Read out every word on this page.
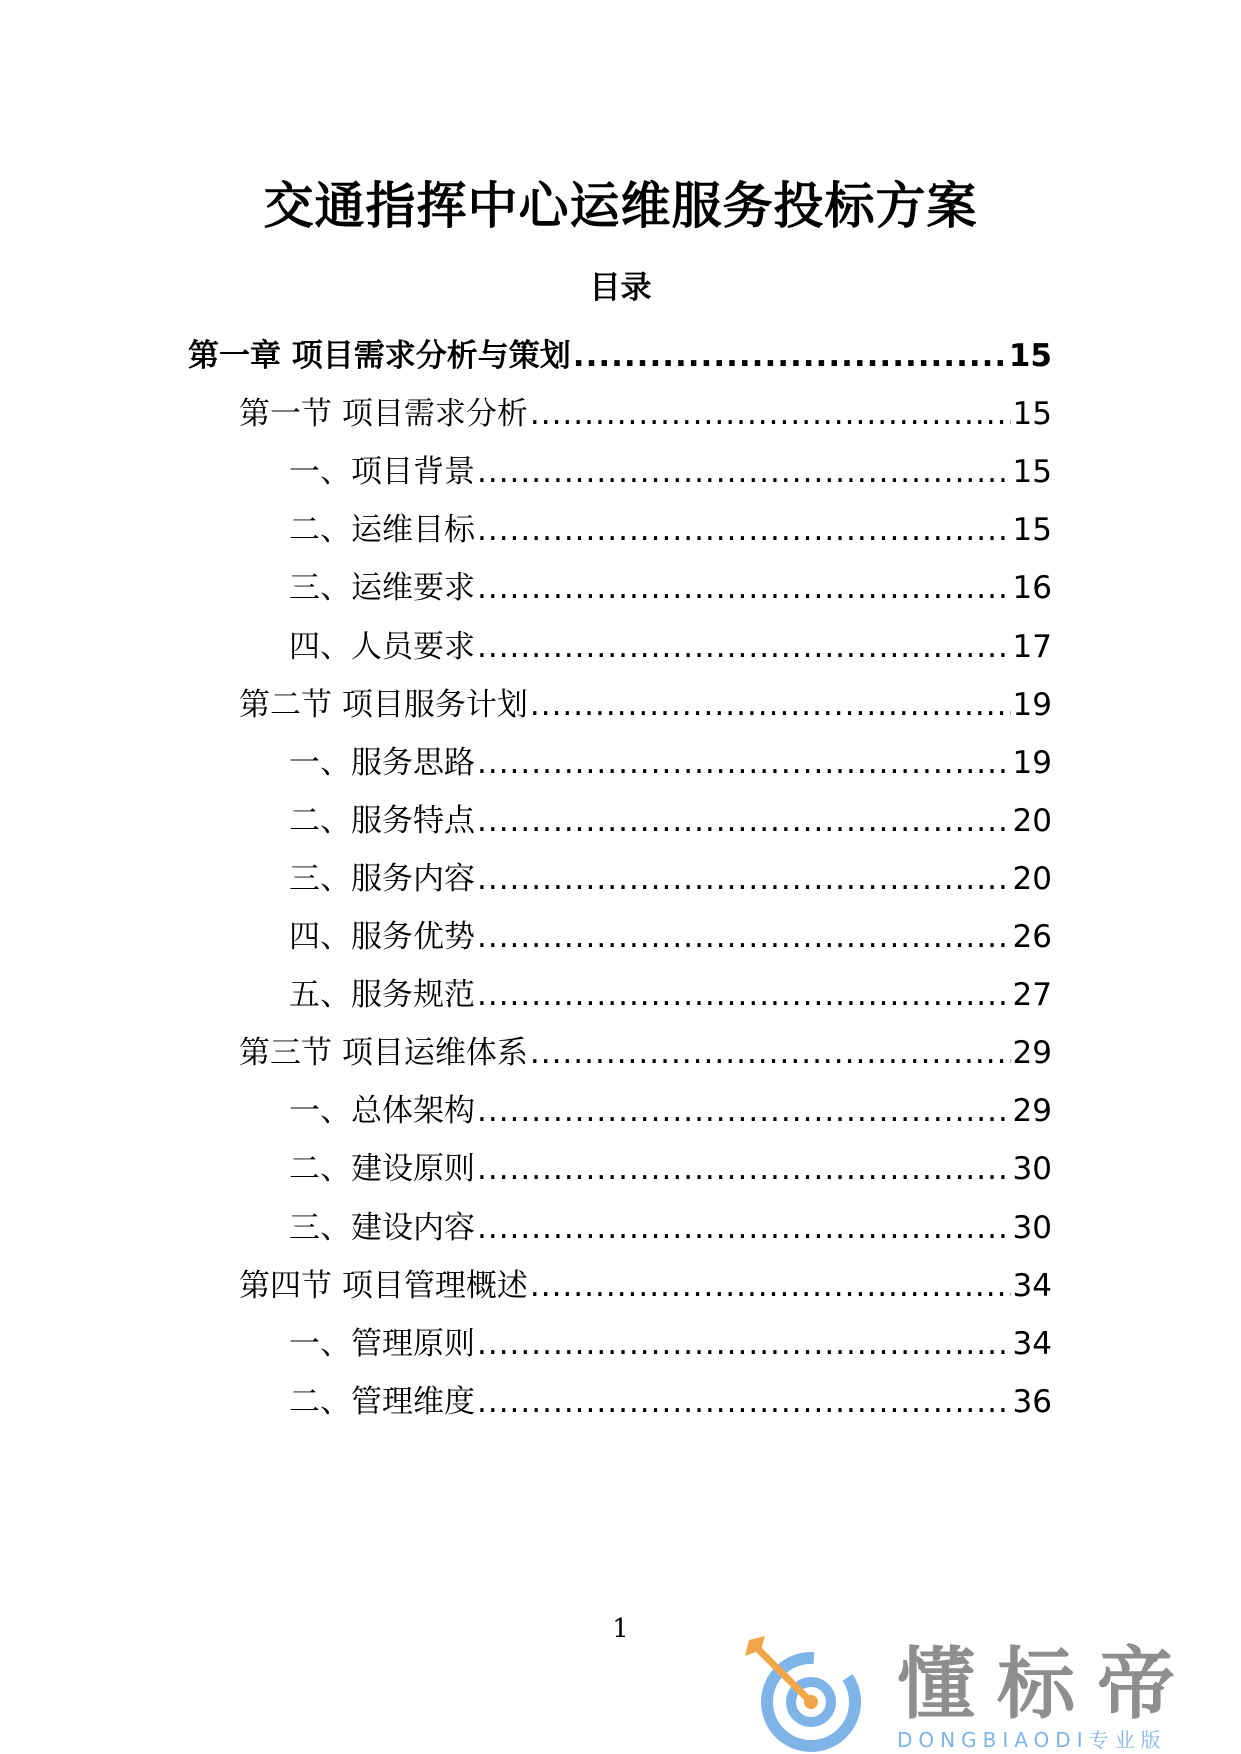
交通指挥中心运维服务投标方案
目录
第一章 项目需求分析与策划 .....	15
第一节 项目需求分析 .....	15
一、项目背景 .....	15
二、运维目标 .....	15
三、运维要求 .....	16
四、人员要求 .....	17
第二节 项目服务计划 .....	19
一、服务思路 .....	19
二、服务特点 .....	20
三、服务内容 .....	20
四、服务优势 .....	26
五、服务规范 .....	27
第三节 项目运维体系 .....	29
一、总体架构 .....	29
二、建设原则 .....	30
三、建设内容 .....	30
第四节 项目管理概述 .....	34
一、管理原则 .....	34
二、管理维度 .....	36
1
懂标帝
DONGBIAODI专业版
